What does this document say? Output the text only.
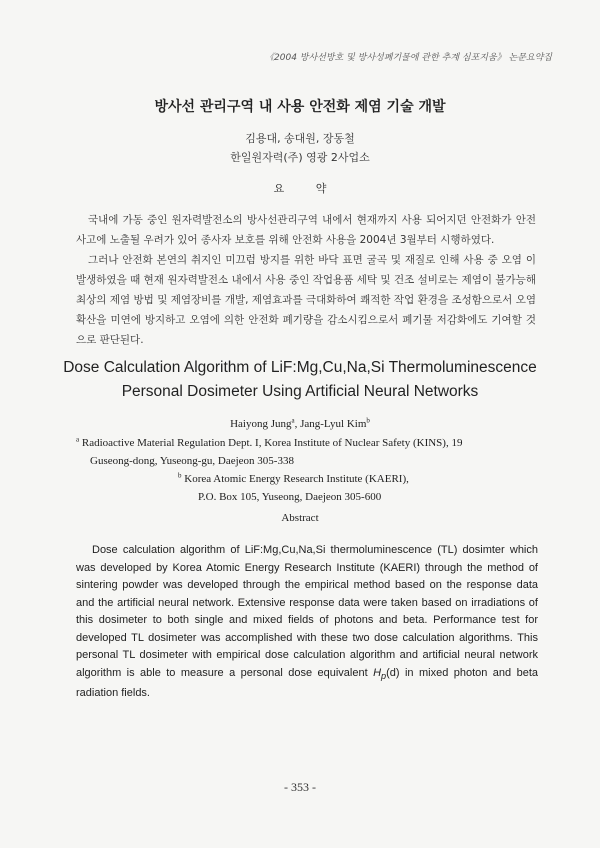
《2004 방사선방호 및 방사성폐기물에 관한 추계 심포지움》 논문요약집
방사선 관리구역 내 사용 안전화 제염 기술 개발
김용대, 송대원, 장동철
한일원자력(주) 영광 2사업소
요 약

국내에 가동 중인 원자력발전소의 방사선관리구역 내에서 현재까지 사용 되어지던 안전화가 안전사고에 노출될 우려가 있어 종사자 보호를 위해 안전화 사용을 2004년 3월부터 시행하였다.

그러나 안전화 본연의 취지인 미끄럼 방지를 위한 바닥 표면 굴곡 및 재질로 인해 사용 중 오염 이 발생하였을 때 현재 원자력발전소 내에서 사용 중인 작업용품 세탁 및 건조 설비로는 제염이 불가능해 최상의 제염 방법 및 제염장비를 개발, 제염효과를 극대화하여 쾌적한 작업 환경을 조성함으로서 오염 확산을 미연에 방지하고 오염에 의한 안전화 폐기량을 감소시킴으로서 폐기물 저감화에도 기여할 것으로 판단된다.

Dose Calculation Algorithm of LiF:Mg,Cu,Na,Si Thermoluminescence
Personal Dosimeter Using Artificial Neural Networks
Haiyong Jung$^a$, Jang-Lyul Kim$^b$
$^a$ Radioactive Material Regulation Dept. I, Korea Institute of Nuclear Safety (KINS), 19
Guseong-dong, Yuseong-gu, Daejeon 305-338
$^b$ Korea Atomic Energy Research Institute (KAERI),
P.O. Box 105, Yuseong, Daejeon 305-600
Abstract

Dose calculation algorithm of LiF:Mg,Cu,Na,Si thermoluminescence (TL) dosimter which was developed by Korea Atomic Energy Research Institute (KAERI) through the method of sintering powder was developed through the empirical method based on the response data and the artificial neural network. Extensive response data were taken based on irradiations of this dosimeter to both single and mixed fields of photons and beta. Performance test for developed TL dosimeter was accomplished with these two dose calculation algorithms. This personal TL dosimeter with empirical dose calculation algorithm and artificial neural network algorithm is able to measure a personal dose equivalent $H_p(d)$ in mixed photon and beta radiation fields.

- 353 -
